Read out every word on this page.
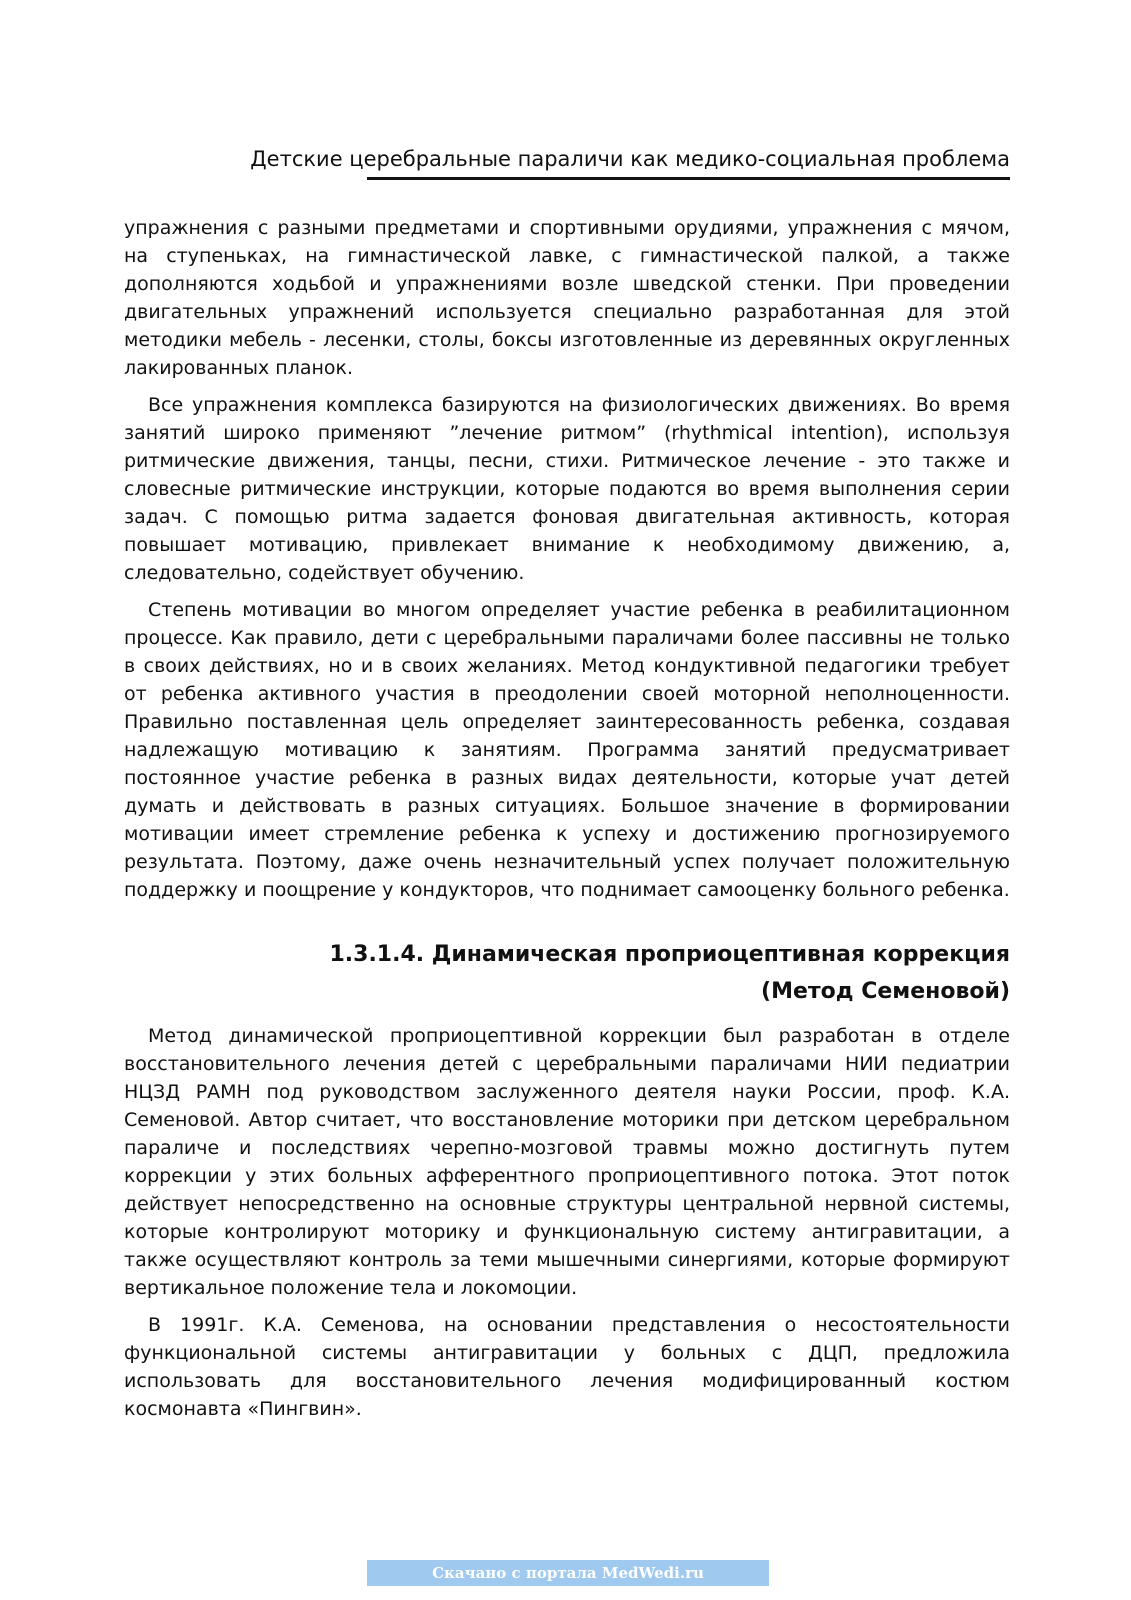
Детские церебральные параличи как медико-социальная проблема

упражнения с разными предметами и спортивными орудиями, упражнения с мячом, на ступеньках, на гимнастической лавке, с гимнастической палкой, а также дополняются ходьбой и упражнениями возле шведской стенки. При проведении двигательных упражнений используется специально разработанная для этой методики мебель - лесенки, столы, боксы изготовленные из деревянных округленных лакированных планок.

Все упражнения комплекса базируются на физиологических движениях. Во время занятий широко применяют ”лечение ритмом” (rhythmical intention), используя ритмические движения, танцы, песни, стихи. Ритмическое лечение - это также и словесные ритмические инструкции, которые подаются во время выполнения серии задач. С помощью ритма задается фоновая двигательная активность, которая повышает мотивацию, привлекает внимание к необходимому движению, а, следовательно, содействует обучению.

Степень мотивации во многом определяет участие ребенка в реабилитационном процессе. Как правило, дети с церебральными параличами более пассивны не только в своих действиях, но и в своих желаниях. Метод кондуктивной педагогики требует от ребенка активного участия в преодолении своей моторной неполноценности. Правильно поставленная цель определяет заинтересованность ребенка, создавая надлежащую мотивацию к занятиям. Программа занятий предусматривает постоянное участие ребенка в разных видах деятельности, которые учат детей думать и действовать в разных ситуациях. Большое значение в формировании мотивации имеет стремление ребенка к успеху и достижению прогнозируемого результата. Поэтому, даже очень незначительный успех получает положительную поддержку и поощрение у кондукторов, что поднимает самооценку больного ребенка.

1.3.1.4. Динамическая проприоцептивная коррекция
(Метод Семеновой)

Метод динамической проприоцептивной коррекции был разработан в отделе восстановительного лечения детей с церебральными параличами НИИ педиатрии НЦЗД РАМН под руководством заслуженного деятеля науки России, проф. К.А. Семеновой. Автор считает, что восстановление моторики при детском церебральном параличе и последствиях черепно-мозговой травмы можно достигнуть путем коррекции у этих больных афферентного проприоцептивного потока. Этот поток действует непосредственно на основные структуры центральной нервной системы, которые контролируют моторику и функциональную систему антигравитации, а также осуществляют контроль за теми мышечными синергиями, которые формируют вертикальное положение тела и локомоции.

В 1991г. К.А. Семенова, на основании представления о несостоятельности функциональной системы антигравитации у больных с ДЦП, предложила использовать для восстановительного лечения модифицированный костюм космонавта «Пингвин».

Скачано с портала MedWedi.ru
